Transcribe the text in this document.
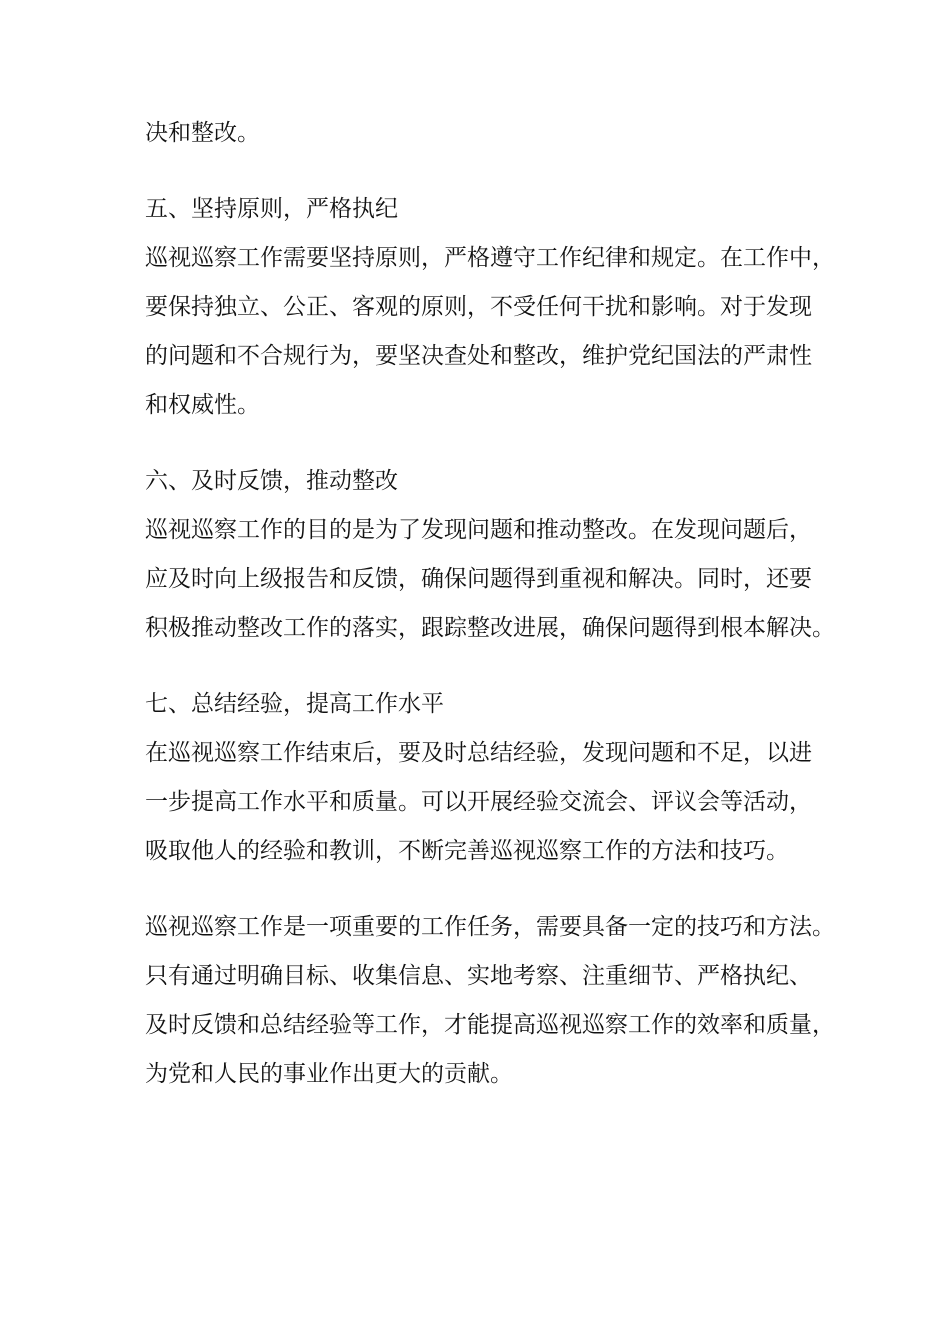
决和整改。
五、坚持原则，严格执纪
巡视巡察工作需要坚持原则，严格遵守工作纪律和规定。在工作中，
要保持独立、公正、客观的原则，不受任何干扰和影响。对于发现
的问题和不合规行为，要坚决查处和整改，维护党纪国法的严肃性
和权威性。
六、及时反馈，推动整改
巡视巡察工作的目的是为了发现问题和推动整改。在发现问题后，
应及时向上级报告和反馈，确保问题得到重视和解决。同时，还要
积极推动整改工作的落实，跟踪整改进展，确保问题得到根本解决。
七、总结经验，提高工作水平
在巡视巡察工作结束后，要及时总结经验，发现问题和不足，以进
一步提高工作水平和质量。可以开展经验交流会、评议会等活动，
吸取他人的经验和教训，不断完善巡视巡察工作的方法和技巧。
巡视巡察工作是一项重要的工作任务，需要具备一定的技巧和方法。
只有通过明确目标、收集信息、实地考察、注重细节、严格执纪、
及时反馈和总结经验等工作，才能提高巡视巡察工作的效率和质量，
为党和人民的事业作出更大的贡献。
